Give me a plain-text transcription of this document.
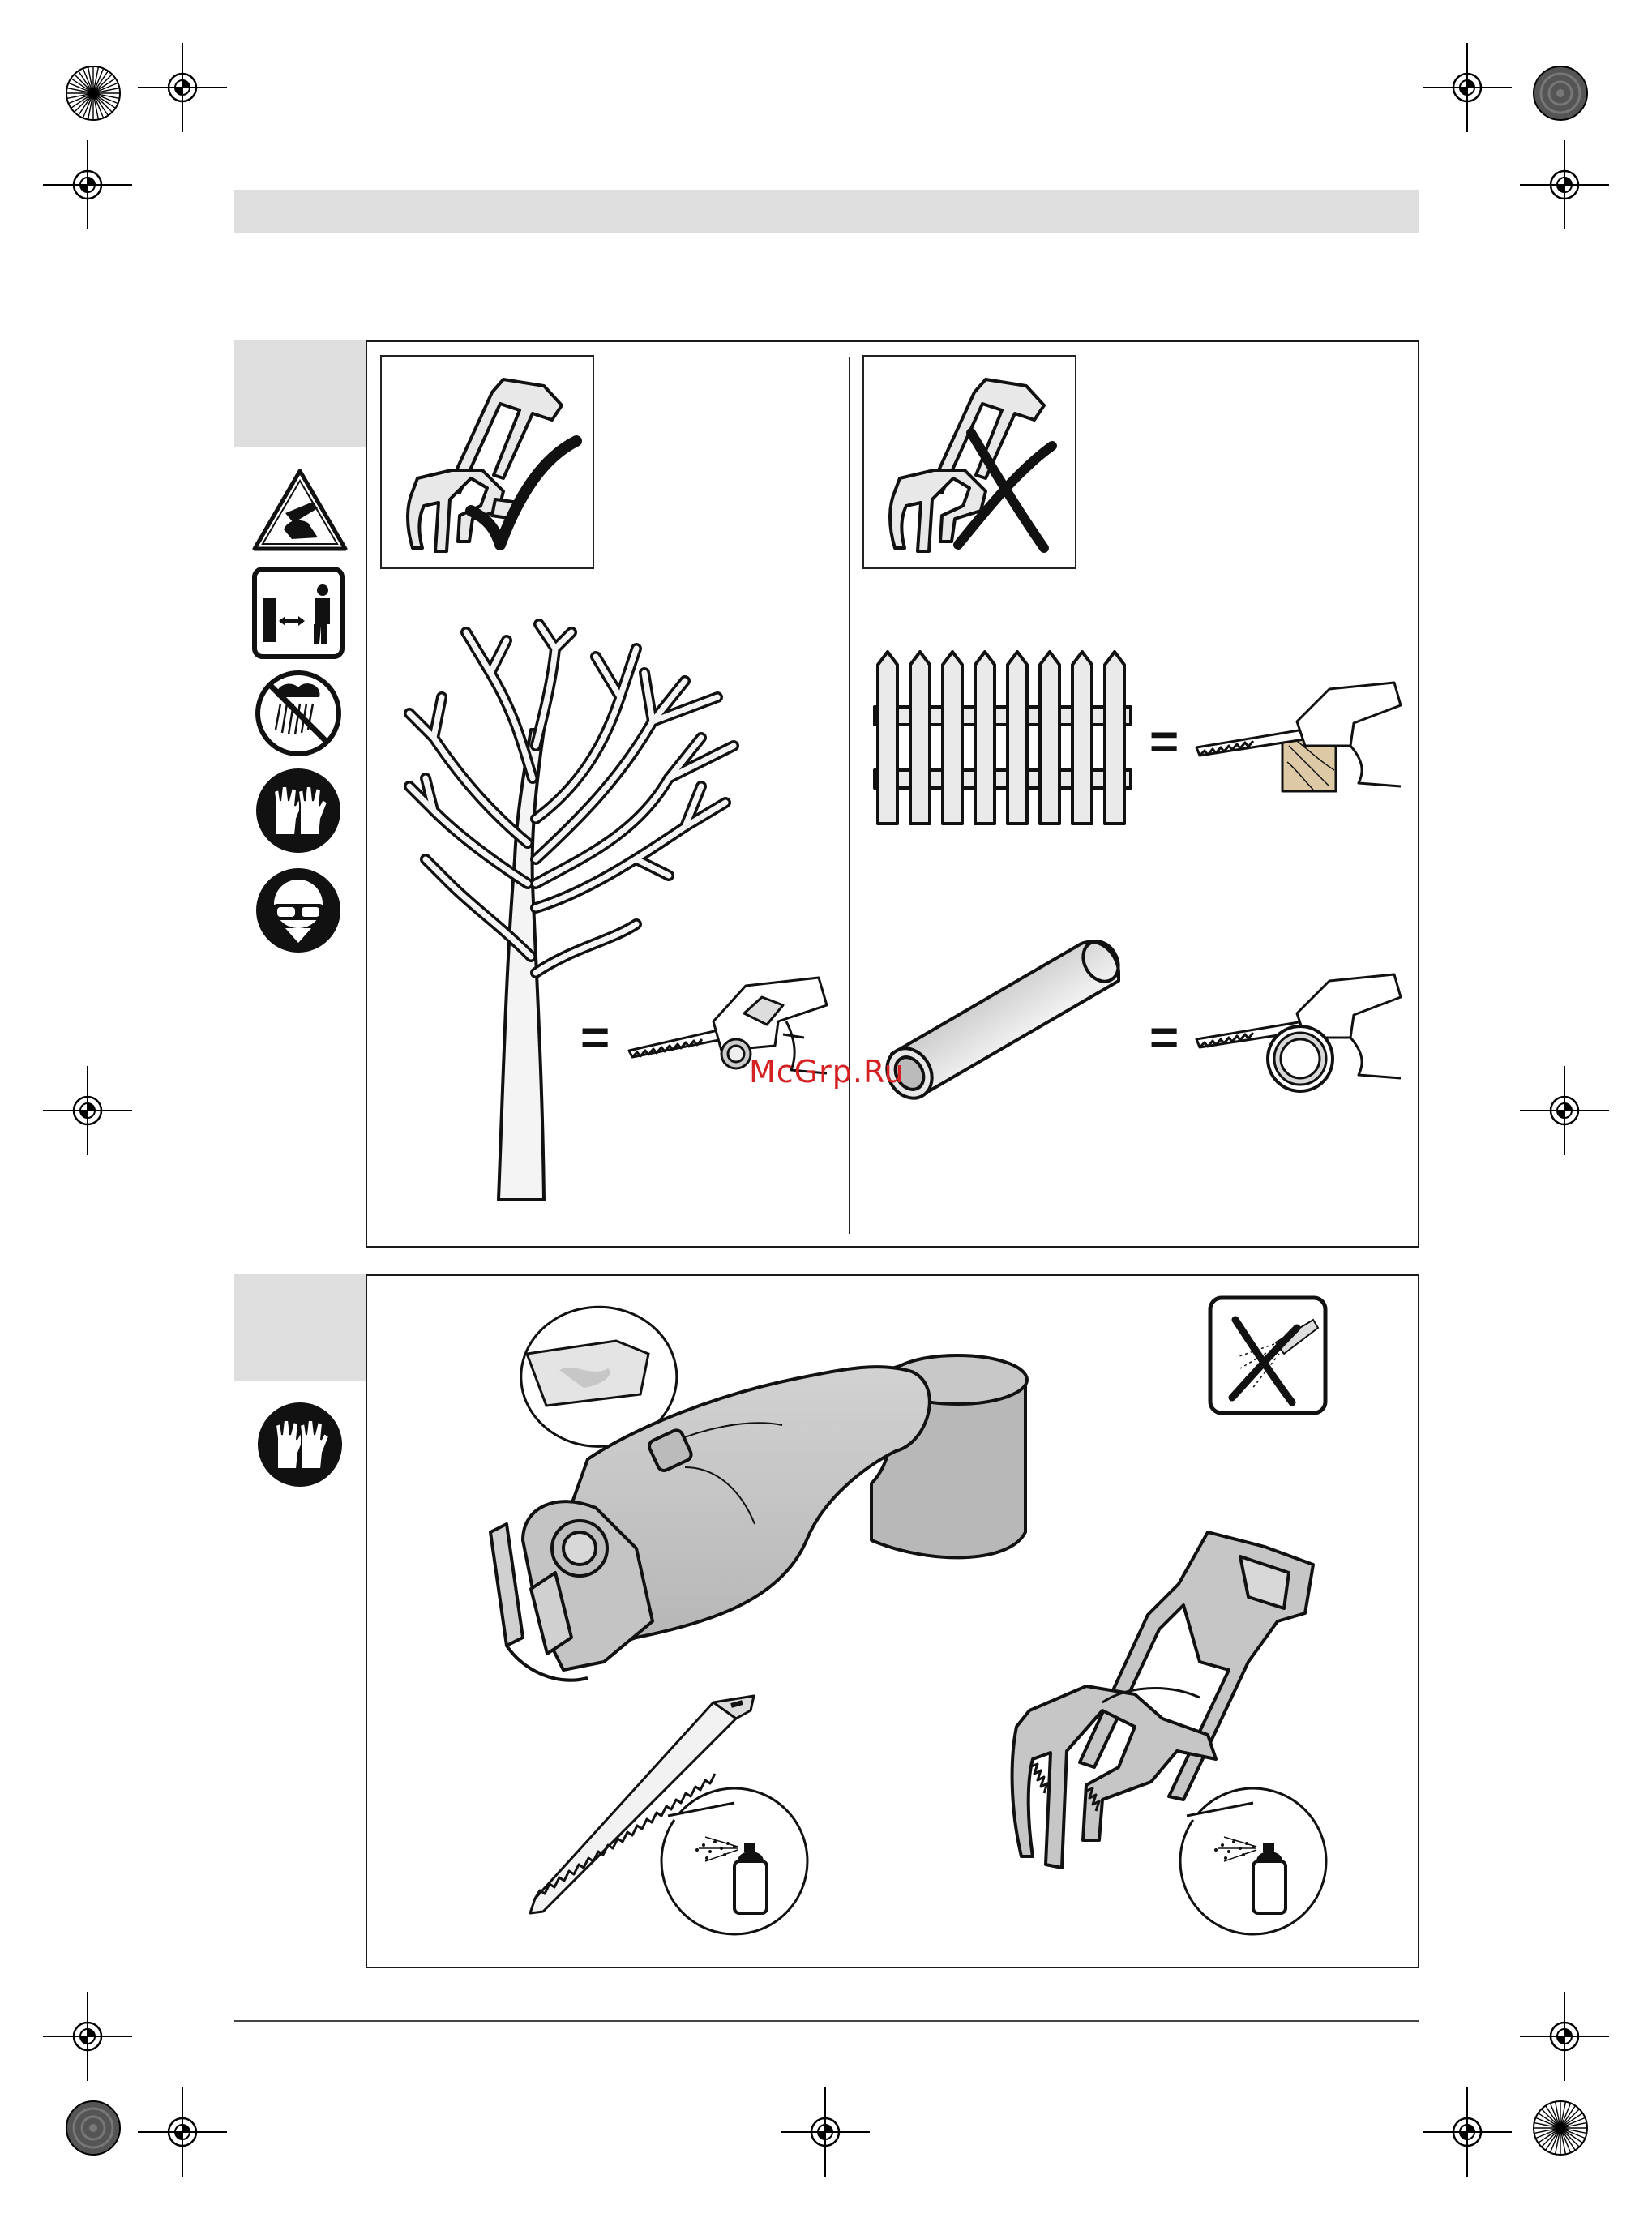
=
=
=
McGrp.Ru
